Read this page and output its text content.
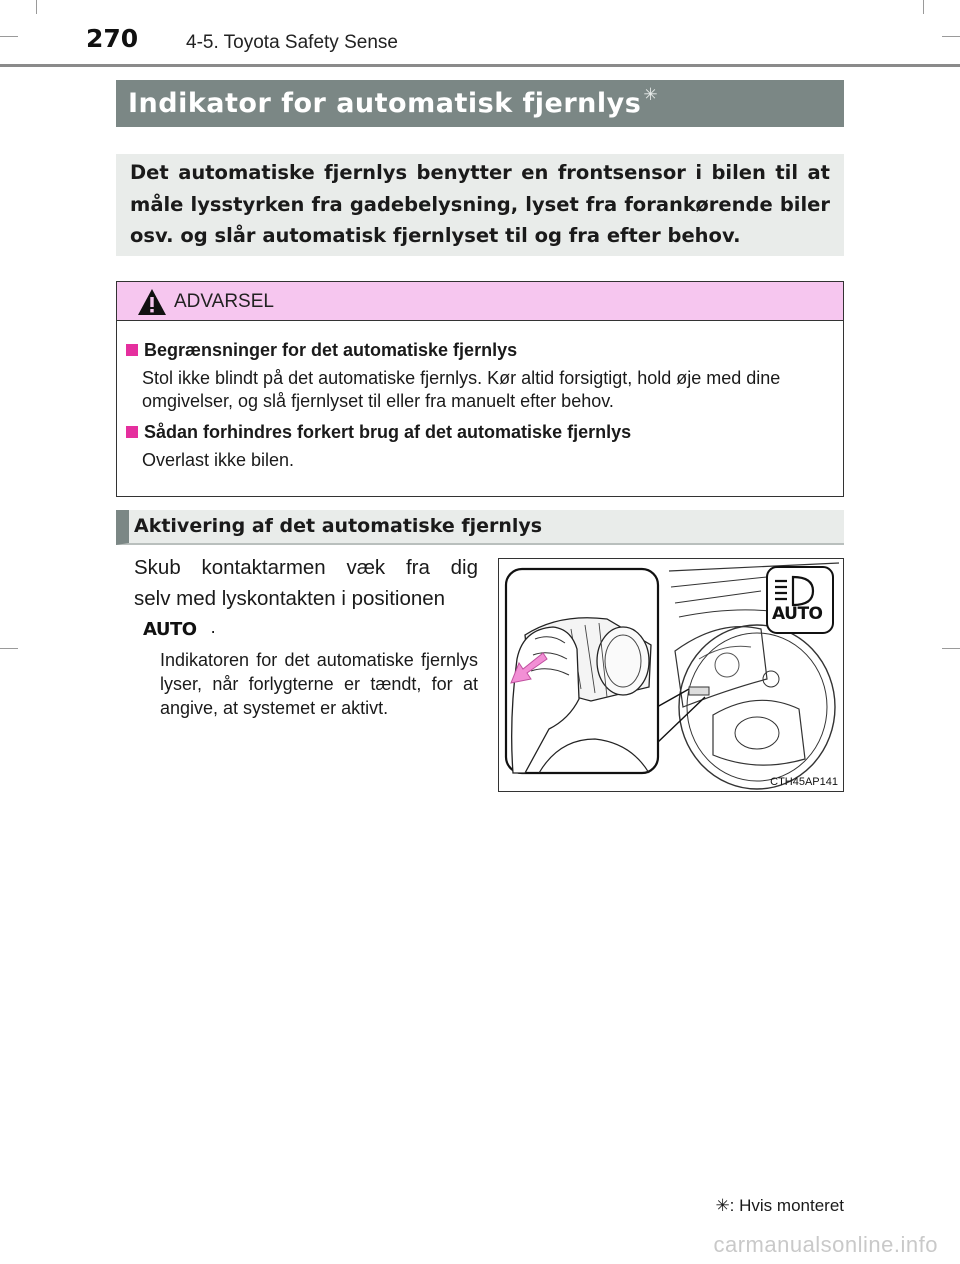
270	4-5. Toyota Safety Sense
Indikator for automatisk fjernlys ✳

Det automatiske fjernlys benytter en frontsensor i bilen til at måle lysstyrken fra gadebelysning, lyset fra forankørende biler osv. og slår automatisk fjernlyset til og fra efter behov.

ADVARSEL
Begrænsninger for det automatiske fjernlys
Stol ikke blindt på det automatiske fjernlys. Kør altid forsigtigt, hold øje med dine omgivelser, og slå fjernlyset til eller fra manuelt efter behov.
Sådan forhindres forkert brug af det automatiske fjernlys
Overlast ikke bilen.
Aktivering af det automatiske fjernlys
Skub kontaktarmen væk fra dig
selv med lyskontakten i positionen
AUTO .
Indikatoren for det automatiske fjernlys lyser, når forlygterne er tændt, for at angive, at systemet er aktivt.
AUTO
CTH45AP141
✳: Hvis monteret
carmanualsonline.info
